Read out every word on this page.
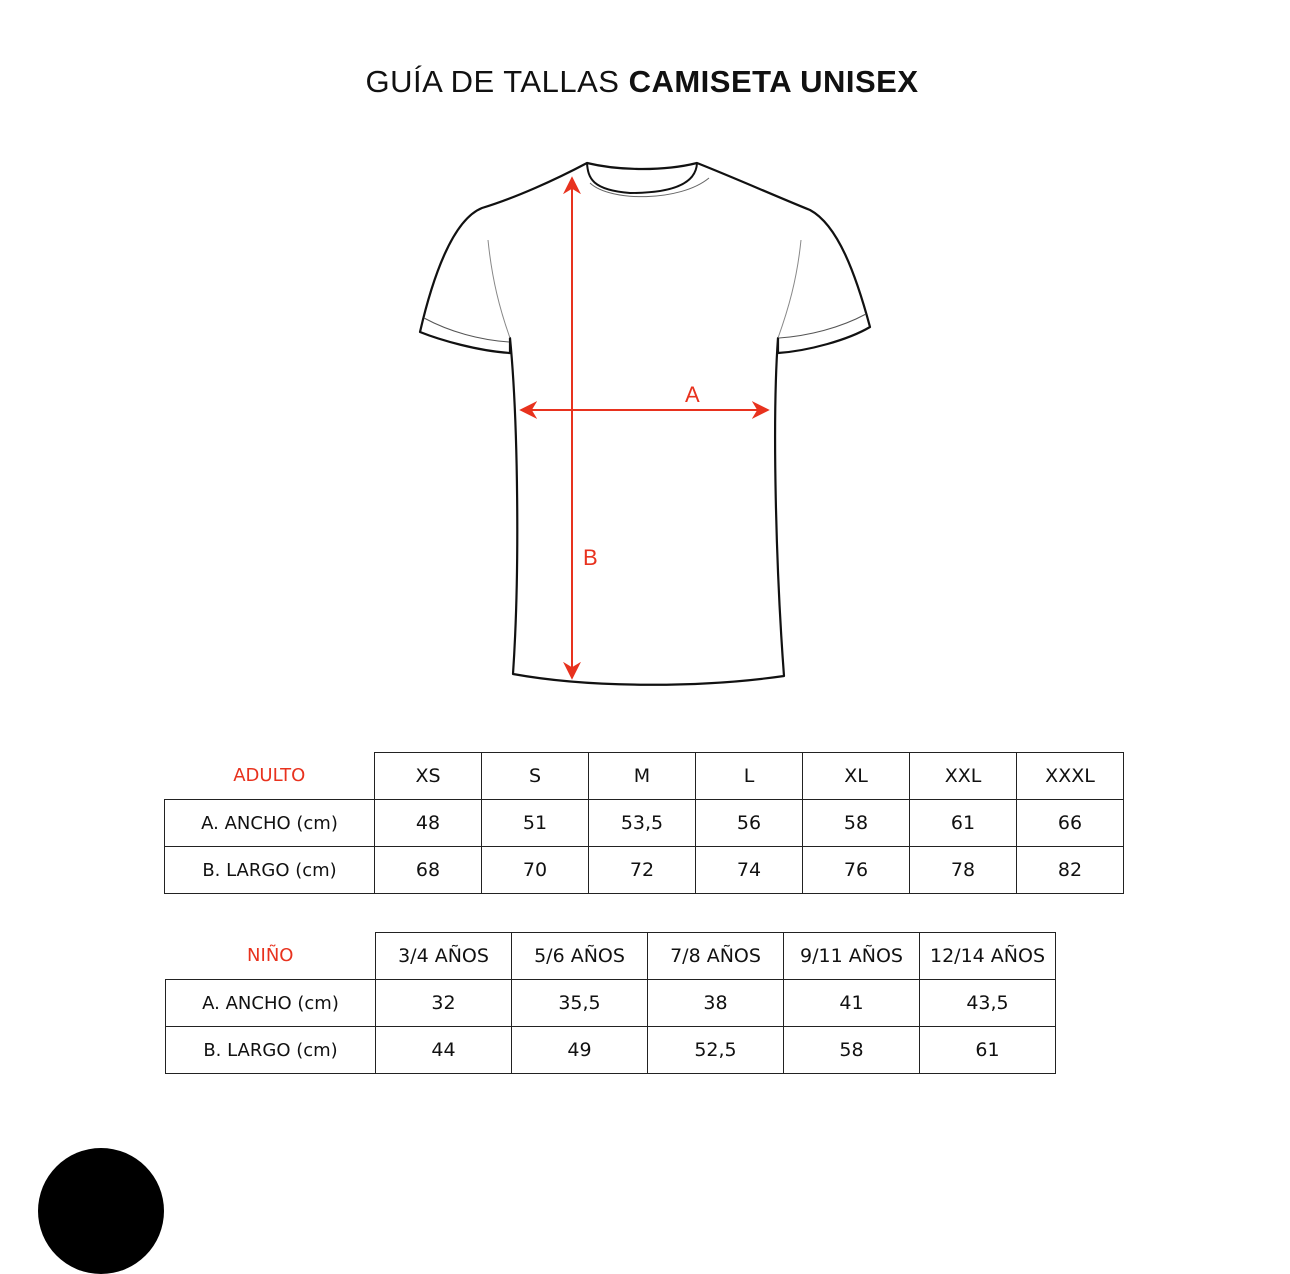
GUÍA DE TALLAS CAMISETA UNISEX
A
B
ADULTO	XS	S	M	L	XL	XXL	XXXL
A. ANCHO (cm)	48	51	53,5	56	58	61	66
B. LARGO (cm)	68	70	72	74	76	78	82
NIÑO	3/4 AÑOS	5/6 AÑOS	7/8 AÑOS	9/11 AÑOS	12/14 AÑOS
A. ANCHO (cm)	32	35,5	38	41	43,5
B. LARGO (cm)	44	49	52,5	58	61
